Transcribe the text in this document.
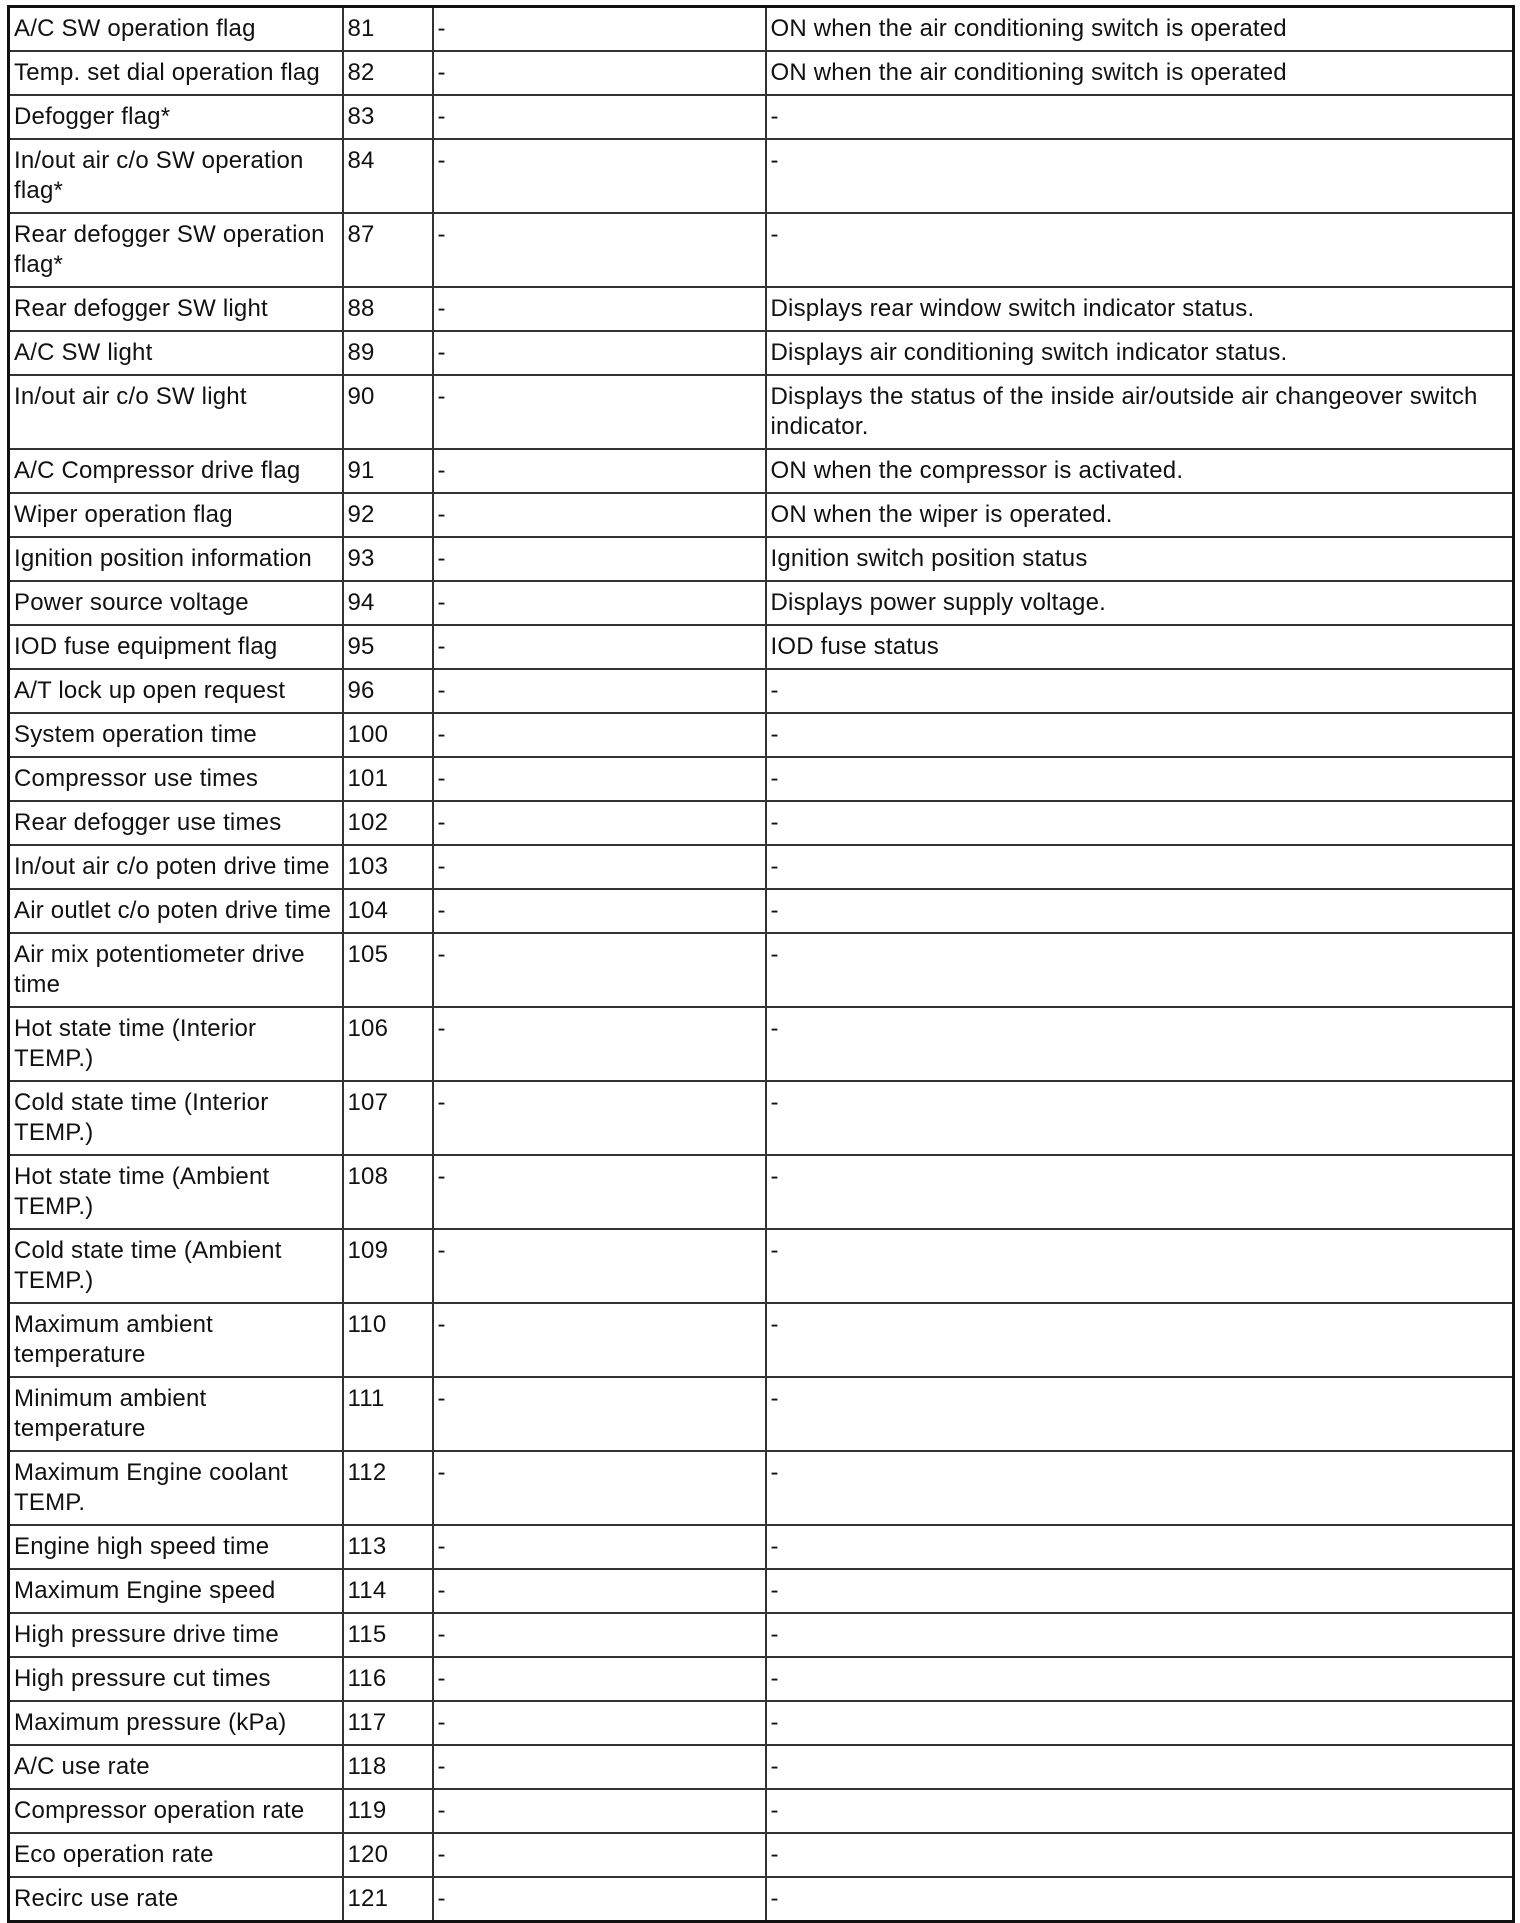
A/C SW operation flag	81	-	ON when the air conditioning switch is operated
Temp. set dial operation flag	82	-	ON when the air conditioning switch is operated
Defogger flag*	83	-	-
In/out air c/o SW operation flag*	84	-	-
Rear defogger SW operation flag*	87	-	-
Rear defogger SW light	88	-	Displays rear window switch indicator status.
A/C SW light	89	-	Displays air conditioning switch indicator status.
In/out air c/o SW light	90	-	Displays the status of the inside air/outside air changeover switch indicator.
A/C Compressor drive flag	91	-	ON when the compressor is activated.
Wiper operation flag	92	-	ON when the wiper is operated.
Ignition position information	93	-	Ignition switch position status
Power source voltage	94	-	Displays power supply voltage.
IOD fuse equipment flag	95	-	IOD fuse status
A/T lock up open request	96	-	-
System operation time	100	-	-
Compressor use times	101	-	-
Rear defogger use times	102	-	-
In/out air c/o poten drive time	103	-	-
Air outlet c/o poten drive time	104	-	-
Air mix potentiometer drive time	105	-	-
Hot state time (Interior TEMP.)	106	-	-
Cold state time (Interior TEMP.)	107	-	-
Hot state time (Ambient TEMP.)	108	-	-
Cold state time (Ambient TEMP.)	109	-	-
Maximum ambient temperature	110	-	-
Minimum ambient temperature	111	-	-
Maximum Engine coolant TEMP.	112	-	-
Engine high speed time	113	-	-
Maximum Engine speed	114	-	-
High pressure drive time	115	-	-
High pressure cut times	116	-	-
Maximum pressure (kPa)	117	-	-
A/C use rate	118	-	-
Compressor operation rate	119	-	-
Eco operation rate	120	-	-
Recirc use rate	121	-	-
